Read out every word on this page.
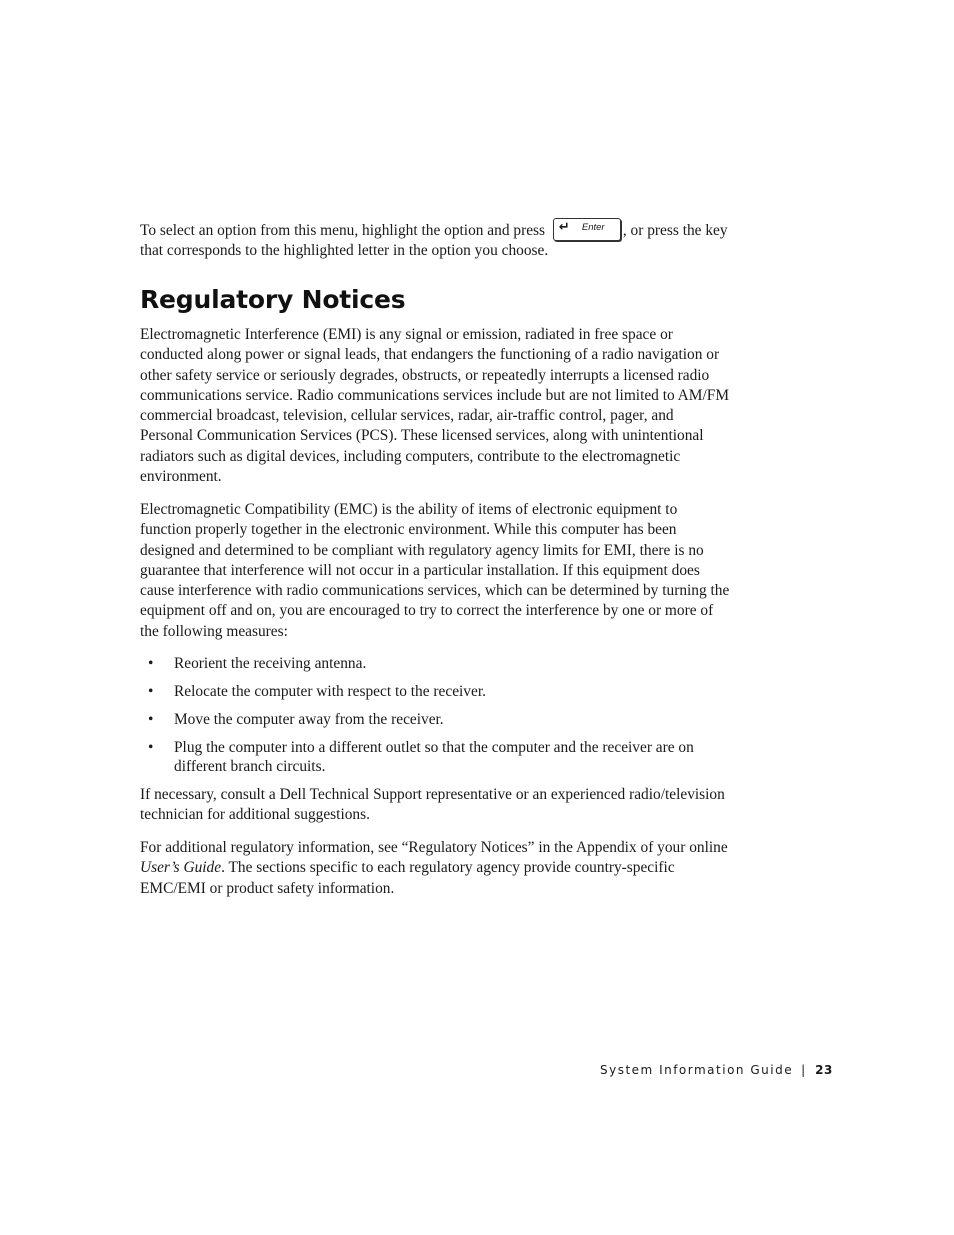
To select an option from this menu, highlight the option and press ↵ Enter , or press the key that corresponds to the highlighted letter in the option you choose.

Regulatory Notices

Electromagnetic Interference (EMI) is any signal or emission, radiated in free space or conducted along power or signal leads, that endangers the functioning of a radio navigation or other safety service or seriously degrades, obstructs, or repeatedly interrupts a licensed radio communications service. Radio communications services include but are not limited to AM/FM commercial broadcast, television, cellular services, radar, air-traffic control, pager, and Personal Communication Services (PCS). These licensed services, along with unintentional radiators such as digital devices, including computers, contribute to the electromagnetic environment.

Electromagnetic Compatibility (EMC) is the ability of items of electronic equipment to function properly together in the electronic environment. While this computer has been designed and determined to be compliant with regulatory agency limits for EMI, there is no guarantee that interference will not occur in a particular installation. If this equipment does cause interference with radio communications services, which can be determined by turning the equipment off and on, you are encouraged to try to correct the interference by one or more of the following measures:

• Reorient the receiving antenna.
• Relocate the computer with respect to the receiver.
• Move the computer away from the receiver.
• Plug the computer into a different outlet so that the computer and the receiver are on different branch circuits.

If necessary, consult a Dell Technical Support representative or an experienced radio/television technician for additional suggestions.

For additional regulatory information, see “Regulatory Notices” in the Appendix of your online User’s Guide. The sections specific to each regulatory agency provide country-specific EMC/EMI or product safety information.

System Information Guide | 23
